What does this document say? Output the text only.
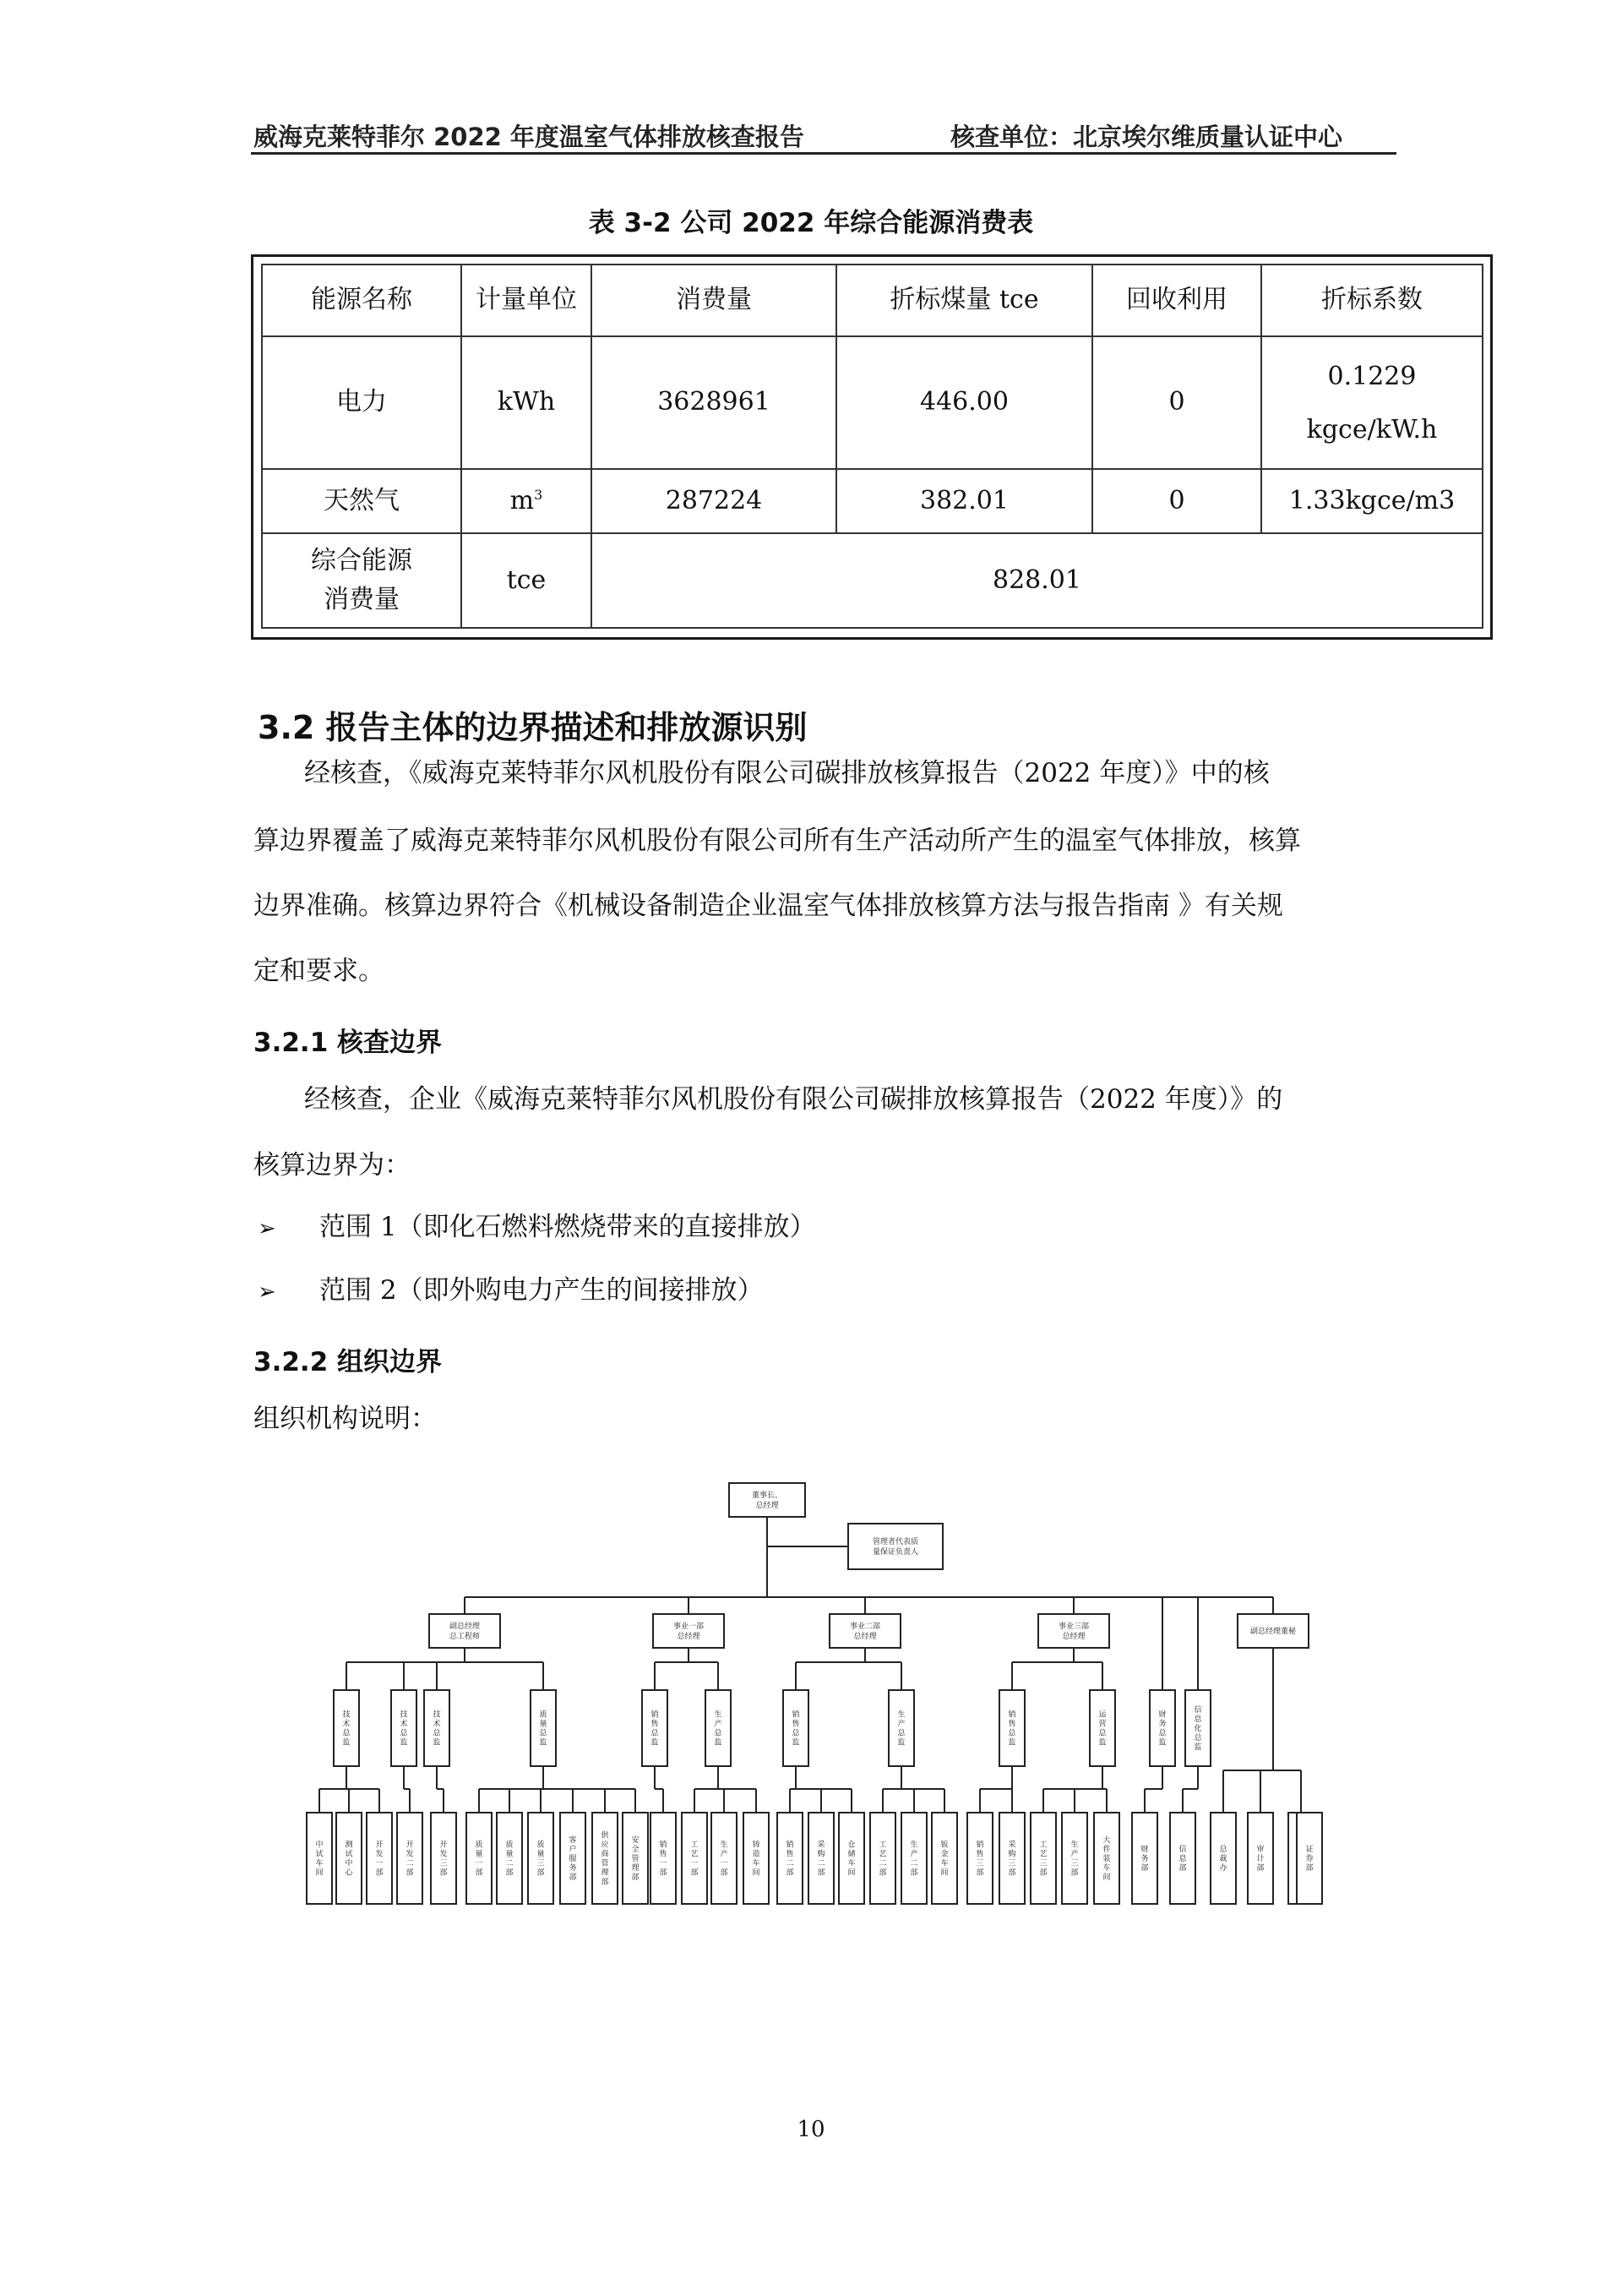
威海克莱特菲尔 2022 年度温室气体排放核查报告	核查单位：北京埃尔维质量认证中心
表 3-2 公司 2022 年综合能源消费表
能源名称	计量单位	消费量	折标煤量 tce	回收利用	折标系数
电力	kWh	3628961	446.00	0	0.1229
kgce/kW.h

天然气	$m^3$	287224	382.01	0	1.33kgce/m3

综合能源
消费量	tce	828.01			
3.2 报告主体的边界描述和排放源识别
经核查，《威海克莱特菲尔风机股份有限公司碳排放核算报告（2022 年度）》中的核
算边界覆盖了威海克莱特菲尔风机股份有限公司所有生产活动所产生的温室气体排放，核算
边界准确。核算边界符合《机械设备制造企业温室气体排放核算方法与报告指南 》有关规
定和要求。
3.2.1 核查边界
经核查，企业《威海克莱特菲尔风机股份有限公司碳排放核算报告（2022 年度）》的
核算边界为：
➢ 范围 1（即化石燃料燃烧带来的直接排放）
➢ 范围 2（即外购电力产生的间接排放）
3.2.2 组织边界
组织机构说明：
董事长、总经理
管理者代表质量保证负责人
副总经理总工程师
事业一部总经理
事业二部总经理
事业三部总经理
副总经理董秘
技术总监
技术总监
技术总监
质量总监
销售总监
生产总监
销售总监
生产总监
销售总监
运营总监
财务总监
信息化总监
中试车间
测试中心
开发一部
开发二部
开发三部
质量一部
质量二部
质量三部
客户服务部
供应商管理部
安全管理部
销售一部
工艺一部
生产一部
铸造车间
销售二部
采购二部
仓储车间
工艺二部
生产二部
钣金车间
销售三部
采购三部
工艺三部
生产三部
大件装车间
财务部
信息部
总裁办
审计部
证券部
10
